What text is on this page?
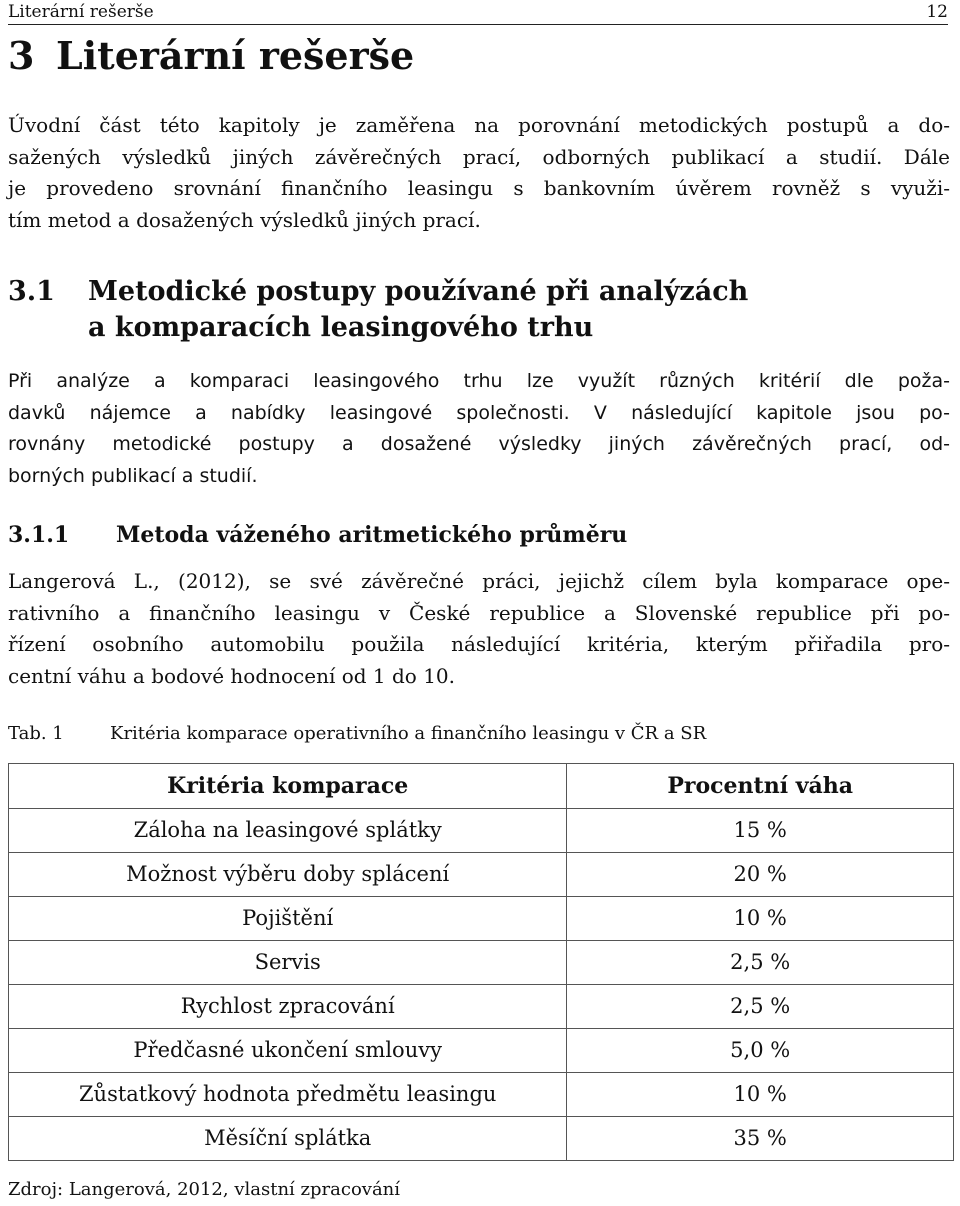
Literární rešerše	12
3 Literární rešerše
Úvodní část této kapitoly je zaměřena na porovnání metodických postupů a do-
sažených výsledků jiných závěrečných prací, odborných publikací a studií. Dále
je provedeno srovnání finančního leasingu s bankovním úvěrem rovněž s využi-
tím metod a dosažených výsledků jiných prací.
3.1 Metodické postupy používané při analýzách
a komparacích leasingového trhu
Při analýze a komparaci leasingového trhu lze využít různých kritérií dle poža-
davků nájemce a nabídky leasingové společnosti. V následující kapitole jsou po-
rovnány metodické postupy a dosažené výsledky jiných závěrečných prací, od-
borných publikací a studií.
3.1.1 Metoda váženého aritmetického průměru
Langerová L., (2012), se své závěrečné práci, jejichž cílem byla komparace ope-
rativního a finančního leasingu v České republice a Slovenské republice při po-
řízení osobního automobilu použila následující kritéria, kterým přiřadila pro-
centní váhu a bodové hodnocení od 1 do 10.
Tab. 1	Kritéria komparace operativního a finančního leasingu v ČR a SR
Kritéria komparace	Procentní váha
Záloha na leasingové splátky	15 %
Možnost výběru doby splácení	20 %
Pojištění	10 %
Servis	2,5 %
Rychlost zpracování	2,5 %
Předčasné ukončení smlouvy	5,0 %
Zůstatkový hodnota předmětu leasingu	10 %
Měsíční splátka	35 %
Zdroj: Langerová, 2012, vlastní zpracování
